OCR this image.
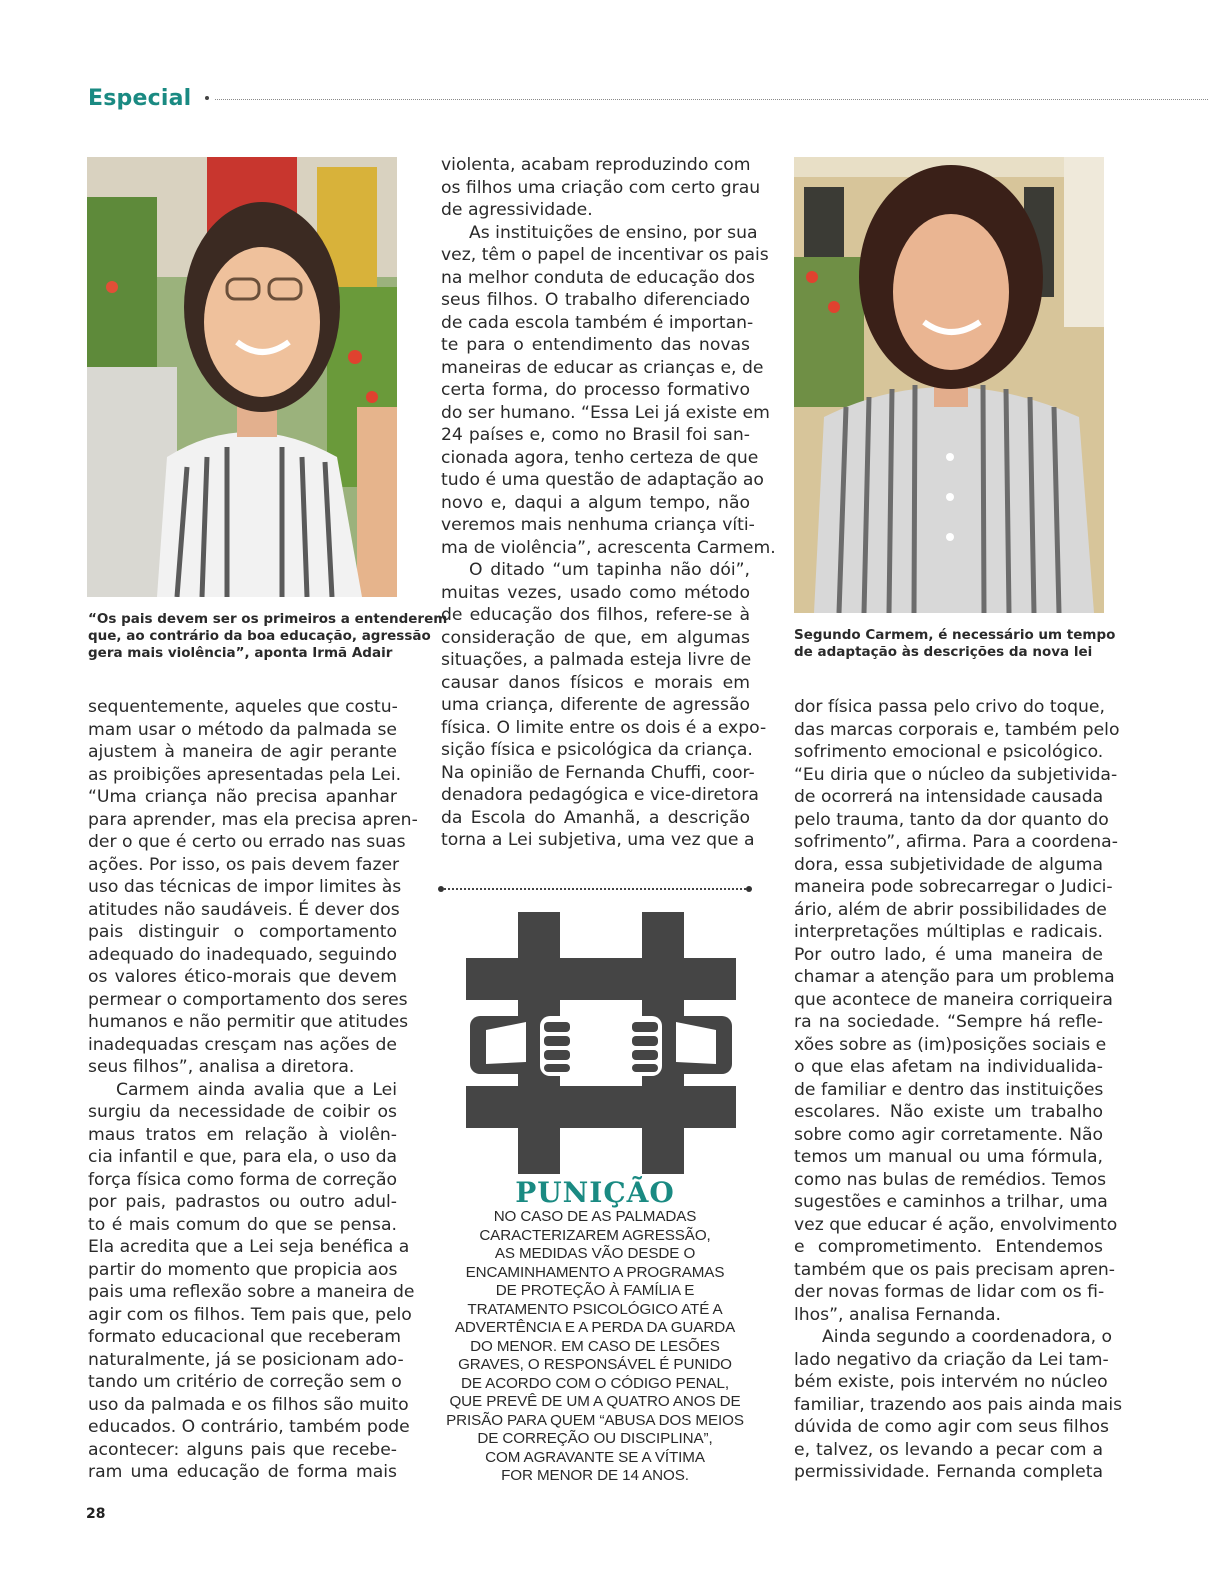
Especial
“Os pais devem ser os primeiros a entenderem
que, ao contrário da boa educação, agressão
gera mais violência”, aponta Irmã Adair
Segundo Carmem, é necessário um tempo
de adaptação às descrições da nova lei
sequentemente, aqueles que costu-
mam usar o método da palmada se
ajustem à maneira de agir perante
as proibições apresentadas pela Lei.
“Uma criança não precisa apanhar
para aprender, mas ela precisa apren-
der o que é certo ou errado nas suas
ações. Por isso, os pais devem fazer
uso das técnicas de impor limites às
atitudes não saudáveis. É dever dos
pais distinguir o comportamento
adequado do inadequado, seguindo
os valores ético-morais que devem
permear o comportamento dos seres
humanos e não permitir que atitudes
inadequadas cresçam nas ações de
seus filhos”, analisa a diretora.
Carmem ainda avalia que a Lei
surgiu da necessidade de coibir os
maus tratos em relação à violên-
cia infantil e que, para ela, o uso da
força física como forma de correção
por pais, padrastos ou outro adul-
to é mais comum do que se pensa.
Ela acredita que a Lei seja benéfica a
partir do momento que propicia aos
pais uma reflexão sobre a maneira de
agir com os filhos. Tem pais que, pelo
formato educacional que receberam
naturalmente, já se posicionam ado-
tando um critério de correção sem o
uso da palmada e os filhos são muito
educados. O contrário, também pode
acontecer: alguns pais que recebe-
ram uma educação de forma mais
violenta, acabam reproduzindo com
os filhos uma criação com certo grau
de agressividade.
As instituições de ensino, por sua
vez, têm o papel de incentivar os pais
na melhor conduta de educação dos
seus filhos. O trabalho diferenciado
de cada escola também é importan-
te para o entendimento das novas
maneiras de educar as crianças e, de
certa forma, do processo formativo
do ser humano. “Essa Lei já existe em
24 países e, como no Brasil foi san-
cionada agora, tenho certeza de que
tudo é uma questão de adaptação ao
novo e, daqui a algum tempo, não
veremos mais nenhuma criança víti-
ma de violência”, acrescenta Carmem.
O ditado “um tapinha não dói”,
muitas vezes, usado como método
de educação dos filhos, refere-se à
consideração de que, em algumas
situações, a palmada esteja livre de
causar danos físicos e morais em
uma criança, diferente de agressão
física. O limite entre os dois é a expo-
sição física e psicológica da criança.
Na opinião de Fernanda Chuffi, coor-
denadora pedagógica e vice-diretora
da Escola do Amanhã, a descrição
torna a Lei subjetiva, uma vez que a
dor física passa pelo crivo do toque,
das marcas corporais e, também pelo
sofrimento emocional e psicológico.
“Eu diria que o núcleo da subjetivida-
de ocorrerá na intensidade causada
pelo trauma, tanto da dor quanto do
sofrimento”, afirma. Para a coordena-
dora, essa subjetividade de alguma
maneira pode sobrecarregar o Judici-
ário, além de abrir possibilidades de
interpretações múltiplas e radicais.
Por outro lado, é uma maneira de
chamar a atenção para um problema
que acontece de maneira corriqueira
ra na sociedade. “Sempre há refle-
xões sobre as (im)posições sociais e
o que elas afetam na individualida-
de familiar e dentro das instituições
escolares. Não existe um trabalho
sobre como agir corretamente. Não
temos um manual ou uma fórmula,
como nas bulas de remédios. Temos
sugestões e caminhos a trilhar, uma
vez que educar é ação, envolvimento
e comprometimento. Entendemos
também que os pais precisam apren-
der novas formas de lidar com os fi-
lhos”, analisa Fernanda.
Ainda segundo a coordenadora, o
lado negativo da criação da Lei tam-
bém existe, pois intervém no núcleo
familiar, trazendo aos pais ainda mais
dúvida de como agir com seus filhos
e, talvez, os levando a pecar com a
permissividade. Fernanda completa
PUNIÇÃO
NO CASO DE AS PALMADAS
CARACTERIZAREM AGRESSÃO,
AS MEDIDAS VÃO DESDE O
ENCAMINHAMENTO A PROGRAMAS
DE PROTEÇÃO À FAMÍLIA E
TRATAMENTO PSICOLÓGICO ATÉ A
ADVERTÊNCIA E A PERDA DA GUARDA
DO MENOR. EM CASO DE LESÕES
GRAVES, O RESPONSÁVEL É PUNIDO
DE ACORDO COM O CÓDIGO PENAL,
QUE PREVÊ DE UM A QUATRO ANOS DE
PRISÃO PARA QUEM “ABUSA DOS MEIOS
DE CORREÇÃO OU DISCIPLINA”,
COM AGRAVANTE SE A VÍTIMA
FOR MENOR DE 14 ANOS.
28
